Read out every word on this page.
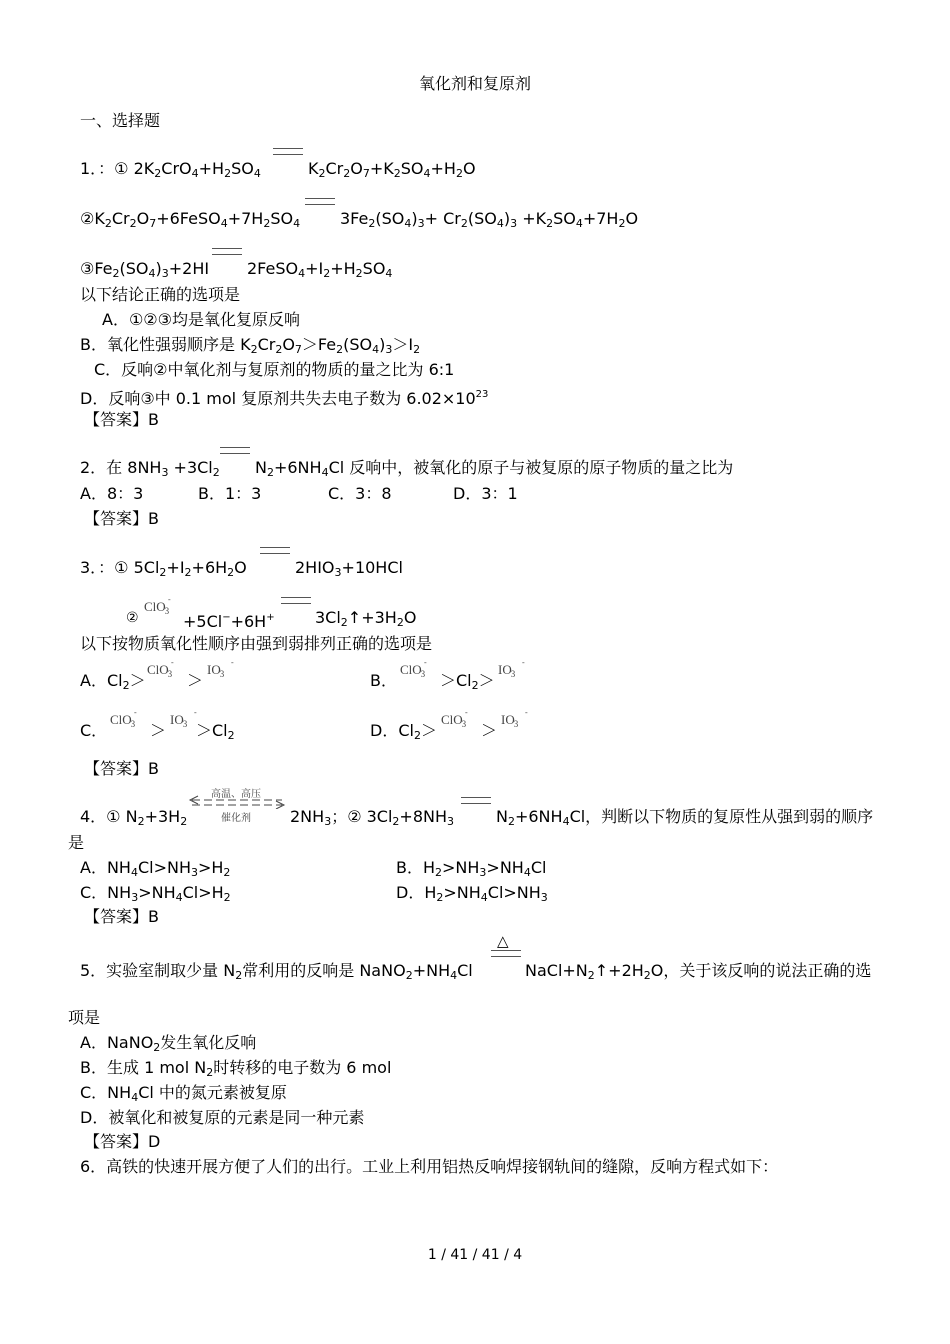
氧化剂和复原剂
一、选择题
1．：① $2K_2CrO_4+H_2SO_4$	$K_2Cr_2O_7+K_2SO_4+H_2O$
$②K_2Cr_2O_7+6FeSO_4+7H_2SO_4$ $3Fe_2(SO_4)_3+ Cr_2(SO_4)_3 +K_2SO_4+7H_2O$
$③Fe_2(SO_4)_3+2HI$ $2FeSO_4+I_2+H_2SO_4$
以下结论正确的选项是
A．①②③均是氧化复原反响
B．氧化性强弱顺序是 $K_2Cr_2O_7>Fe_2(SO_4)_3>I_2$
C．反响②中氧化剂与复原剂的物质的量之比为 6:1
D．反响③中 0.1 mol 复原剂共失去电子数为 $6.02\times 10^{23}$
【答案】B
2．在 $8NH_3 +3Cl_2$ $N_2+6NH_4Cl$ 反响中，被氧化的原子与被复原的原子物质的量之比为
A．8：3	B．1：3	C．3：8	D．3：1
【答案】B
3．：① $5Cl_2+I_2+6H_2O$	$2HIO_3+10HCl$
②
ClO -
$_3$
+5Cl−+6H+	$3Cl_2↑+3H_2O$
以下按物质氧化性顺序由强到弱排列正确的选项是
A．$Cl_2>$
ClO -
$_3$ ＞
IO -
$_3$	B．
ClO -
$_3 >Cl_2>$
IO -
$_3$
C．
ClO -
$_3$ ＞
IO -
$_3 >Cl_2$	D．$Cl_2>$
ClO -
$_3$ ＞
IO -
$_3$
【答案】B
4．① $N_2+3H_2$
高温、高压
催化剂 $2NH_3$；② $3Cl_2+8NH_3$	$N_2+6NH_4Cl$，判断以下物质的复原性从强到弱的顺序
是
A．$NH_4Cl>NH_3>H_2$	B．$H_2>NH_3>NH_4Cl$
C．$NH_3>NH_4Cl>H_2$	D．$H_2>NH_4Cl>NH_3$
【答案】B
5．实验室制取少量 $N_2$常利用的反响是 $NaNO_2+NH_4Cl$
△
$NaCl+N_2↑+2H_2O$，关于该反响的说法正确的选
项是
A．NaNO$_2$发生氧化反响
B．生成 1 mol $N_2$时转移的电子数为 6 mol
C．$NH_4Cl$ 中的氮元素被复原
D．被氧化和被复原的元素是同一种元素
【答案】D
6．高铁的快速开展方便了人们的出行。工业上利用铝热反响焊接钢轨间的缝隙，反响方程式如下：
1 / 41 / 41 / 4
